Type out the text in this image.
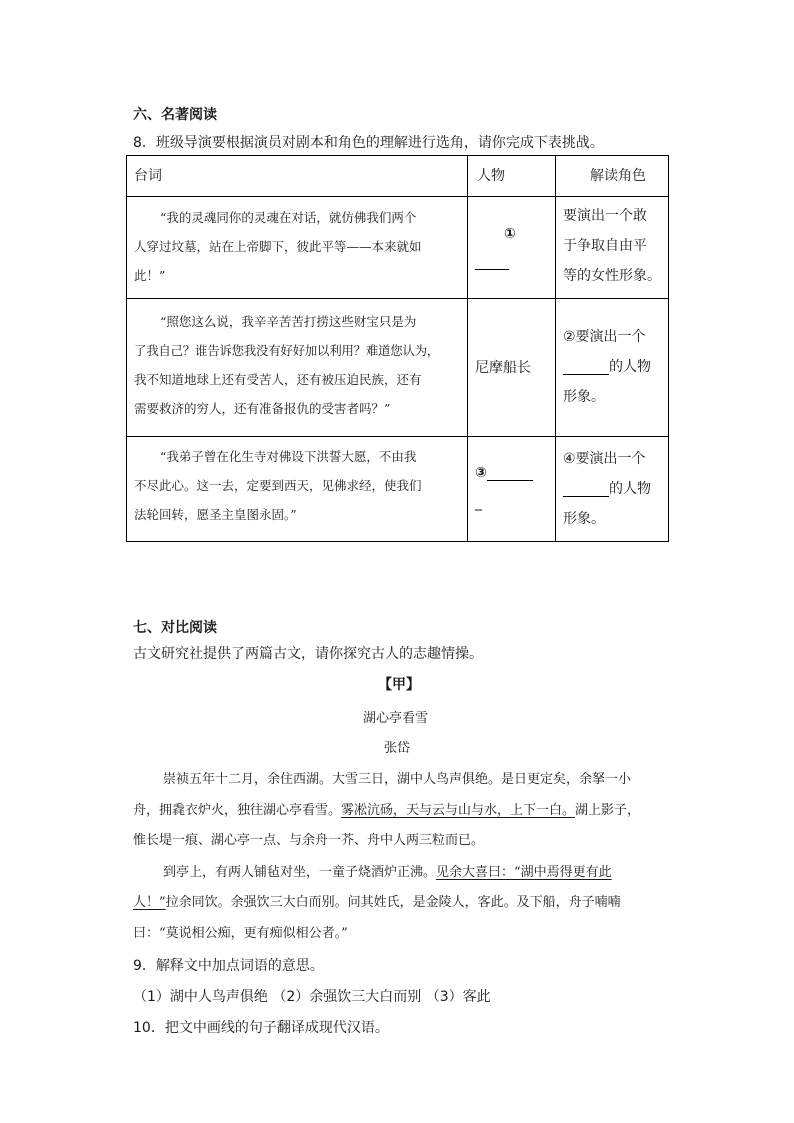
六、名著阅读
8．班级导演要根据演员对剧本和角色的理解进行选角，请你完成下表挑战。
台词	人物	解读角色
“我的灵魂同你的灵魂在对话，就仿佛我们两个
人穿过坟墓，站在上帝脚下，彼此平等——本来就如
此！”
①
要演出一个敢
于争取自由平
等的女性形象。
“照您这么说，我辛辛苦苦打捞这些财宝只是为
了我自己？谁告诉您我没有好好加以利用？难道您认为，
我不知道地球上还有受苦人，还有被压迫民族，还有
需要救济的穷人，还有准备报仇的受害者吗？”
尼摩船长
②要演出一个
的人物
形象。
“我弟子曾在化生寺对佛设下洪誓大愿，不由我
不尽此心。这一去，定要到西天，见佛求经，使我们
法轮回转，愿圣主皇图永固。”
③
_
④要演出一个
的人物
形象。
七、对比阅读
古文研究社提供了两篇古文，请你探究古人的志趣情操。
【甲】
湖心亭看雪
张岱
崇祯五年十二月，余住西湖。大雪三日，湖中人鸟声俱绝。是日更定矣，余拏一小
舟，拥毳衣炉火，独往湖心亭看雪。雾凇沆砀，天与云与山与水，上下一白。湖上影子，
惟长堤一痕、湖心亭一点、与余舟一芥、舟中人两三粒而已。
到亭上，有两人铺毡对坐，一童子烧酒炉正沸。见余大喜曰：“湖中焉得更有此
人！”拉余同饮。余强饮三大白而别。问其姓氏，是金陵人，客此。及下船，舟子喃喃
曰：“莫说相公痴，更有痴似相公者。”
9．解释文中加点词语的意思。
（1）湖中人鸟声俱绝 （2）余强饮三大白而别 （3）客此
10．把文中画线的句子翻译成现代汉语。
